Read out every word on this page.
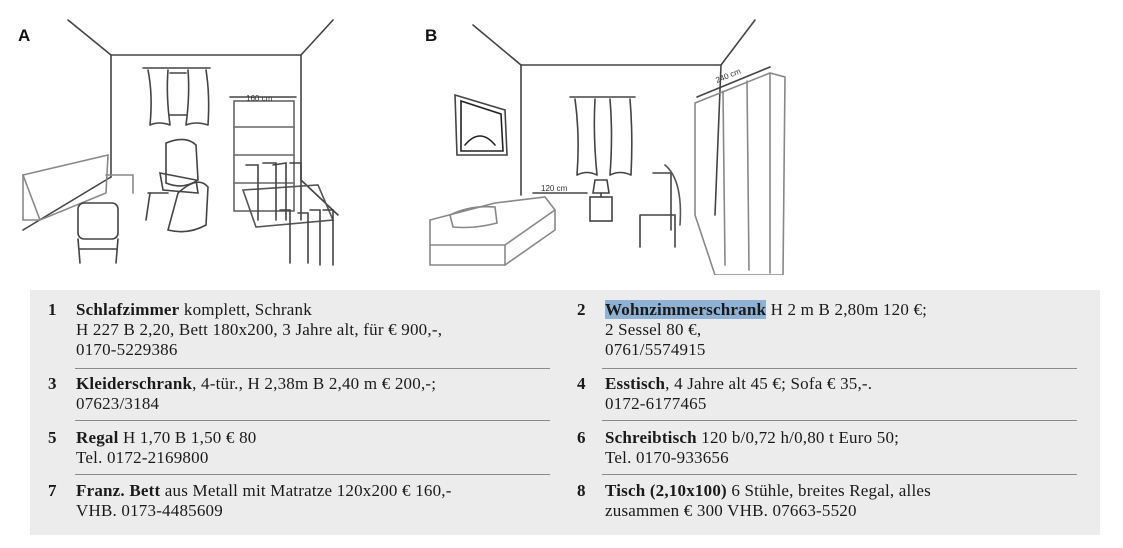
A	B
160 cm
120 cm
240 cm
1	Schlafzimmer komplett, Schrank
H 227 B 2,20, Bett 180x200, 3 Jahre alt, für € 900,-,
0170-5229386
2	Wohnzimmerschrank H 2 m B 2,80m 120 €;
2 Sessel 80 €,
0761/5574915
3	Kleiderschrank, 4-tür., H 2,38m B 2,40 m € 200,-;
07623/3184
4	Esstisch, 4 Jahre alt 45 €; Sofa € 35,-.
0172-6177465
5	Regal H 1,70 B 1,50 € 80
Tel. 0172-2169800
6	Schreibtisch 120 b/0,72 h/0,80 t Euro 50;
Tel. 0170-933656
7	Franz. Bett aus Metall mit Matratze 120x200 € 160,-
VHB. 0173-4485609
8	Tisch (2,10x100) 6 Stühle, breites Regal, alles
zusammen € 300 VHB. 07663-5520
